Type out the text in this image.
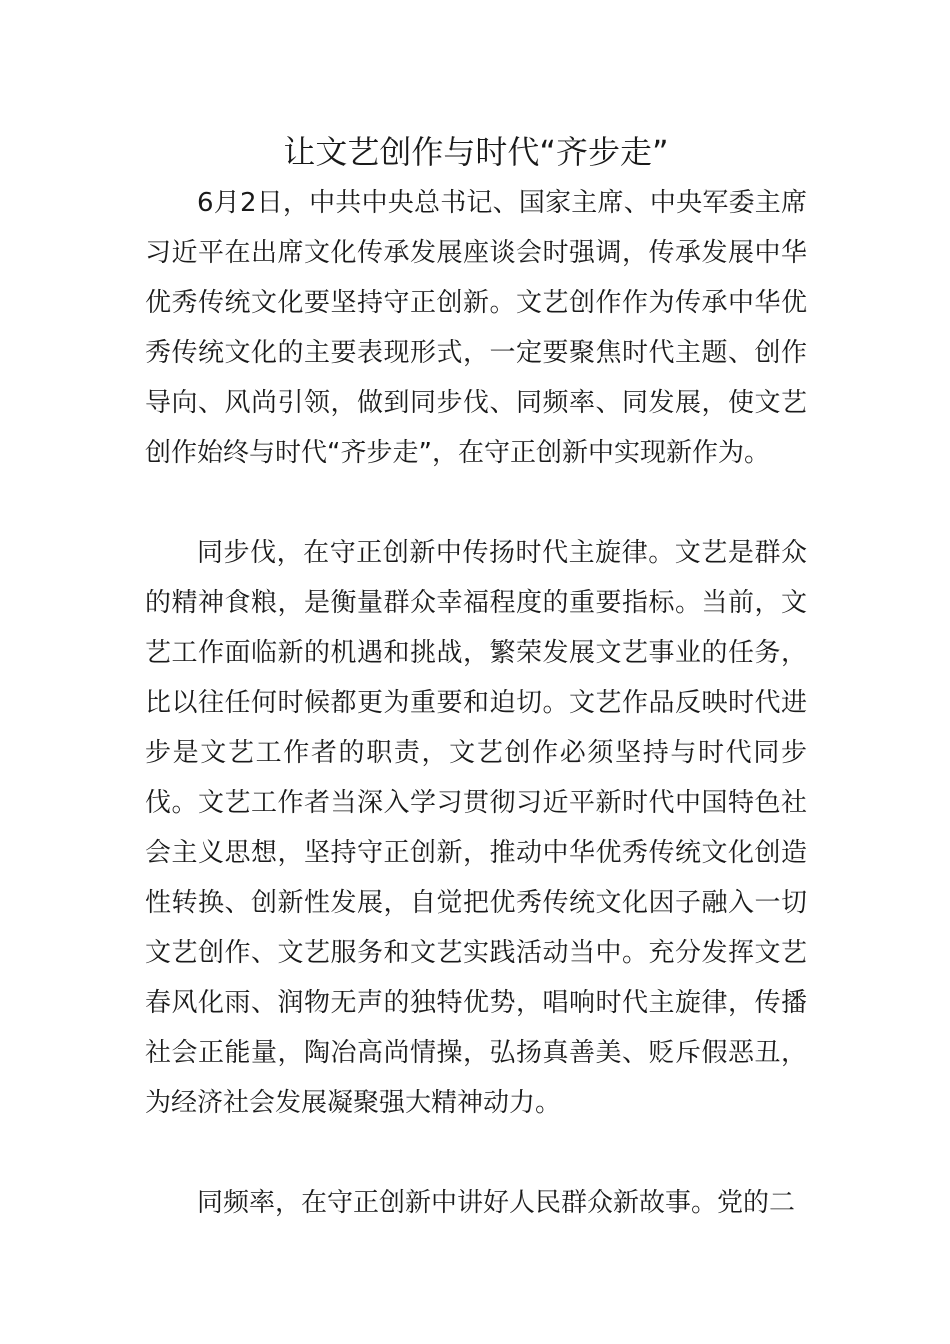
让文艺创作与时代“齐步走”

6月2日，中共中央总书记、国家主席、中央军委主席习近平在出席文化传承发展座谈会时强调，传承发展中华优秀传统文化要坚持守正创新。文艺创作作为传承中华优秀传统文化的主要表现形式，一定要聚焦时代主题、创作导向、风尚引领，做到同步伐、同频率、同发展，使文艺创作始终与时代“齐步走”，在守正创新中实现新作为。

同步伐，在守正创新中传扬时代主旋律。文艺是群众的精神食粮，是衡量群众幸福程度的重要指标。当前，文艺工作面临新的机遇和挑战，繁荣发展文艺事业的任务，比以往任何时候都更为重要和迫切。文艺作品反映时代进步是文艺工作者的职责，文艺创作必须坚持与时代同步伐。文艺工作者当深入学习贯彻习近平新时代中国特色社会主义思想，坚持守正创新，推动中华优秀传统文化创造性转换、创新性发展，自觉把优秀传统文化因子融入一切文艺创作、文艺服务和文艺实践活动当中。充分发挥文艺春风化雨、润物无声的独特优势，唱响时代主旋律，传播社会正能量，陶冶高尚情操，弘扬真善美、贬斥假恶丑，为经济社会发展凝聚强大精神动力。

同频率，在守正创新中讲好人民群众新故事。党的二
